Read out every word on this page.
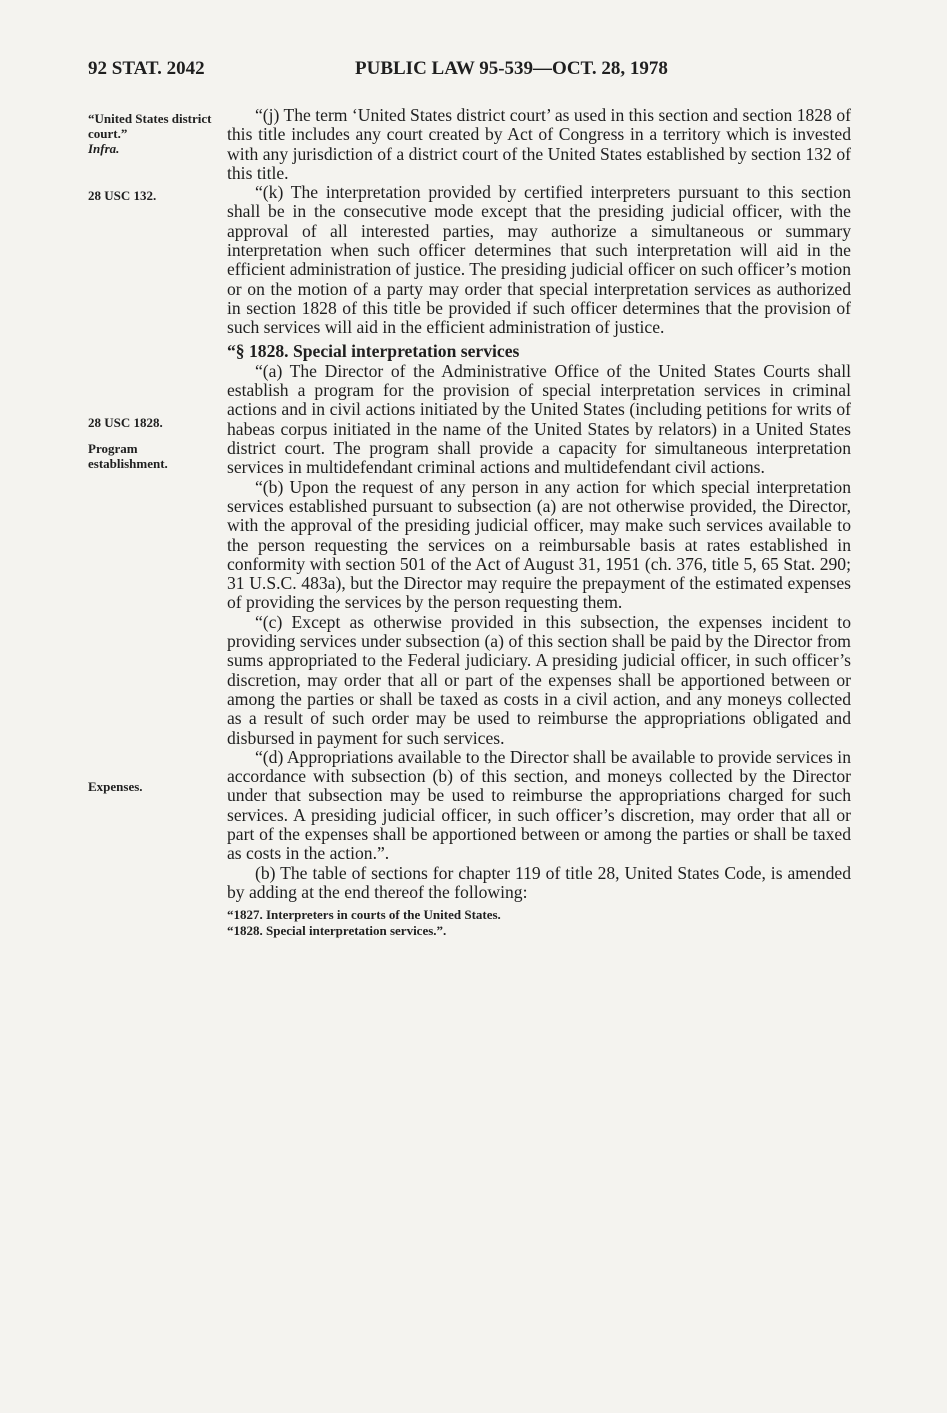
92 STAT. 2042	PUBLIC LAW 95-539—OCT. 28, 1978
“United States district court.”
Infra.
28 USC 132.
28 USC 1828.
Program establishment.
Expenses.

“(j) The term ‘United States district court’ as used in this section and section 1828 of this title includes any court created by Act of Congress in a territory which is invested with any jurisdiction of a district court of the United States established by section 132 of this title.

“(k) The interpretation provided by certified interpreters pursuant to this section shall be in the consecutive mode except that the presiding judicial officer, with the approval of all interested parties, may authorize a simultaneous or summary interpretation when such officer determines that such interpretation will aid in the efficient administration of justice. The presiding judicial officer on such officer’s motion or on the motion of a party may order that special interpretation services as authorized in section 1828 of this title be provided if such officer determines that the provision of such services will aid in the efficient administration of justice.

“§ 1828. Special interpretation services

“(a) The Director of the Administrative Office of the United States Courts shall establish a program for the provision of special interpretation services in criminal actions and in civil actions initiated by the United States (including petitions for writs of habeas corpus initiated in the name of the United States by relators) in a United States district court. The program shall provide a capacity for simultaneous interpretation services in multidefendant criminal actions and multidefendant civil actions.

“(b) Upon the request of any person in any action for which special interpretation services established pursuant to subsection (a) are not otherwise provided, the Director, with the approval of the presiding judicial officer, may make such services available to the person requesting the services on a reimbursable basis at rates established in conformity with section 501 of the Act of August 31, 1951 (ch. 376, title 5, 65 Stat. 290; 31 U.S.C. 483a), but the Director may require the prepayment of the estimated expenses of providing the services by the person requesting them.

“(c) Except as otherwise provided in this subsection, the expenses incident to providing services under subsection (a) of this section shall be paid by the Director from sums appropriated to the Federal judiciary. A presiding judicial officer, in such officer’s discretion, may order that all or part of the expenses shall be apportioned between or among the parties or shall be taxed as costs in a civil action, and any moneys collected as a result of such order may be used to reimburse the appropriations obligated and disbursed in payment for such services.

“(d) Appropriations available to the Director shall be available to provide services in accordance with subsection (b) of this section, and moneys collected by the Director under that subsection may be used to reimburse the appropriations charged for such services. A presiding judicial officer, in such officer’s discretion, may order that all or part of the expenses shall be apportioned between or among the parties or shall be taxed as costs in the action.”.

(b) The table of sections for chapter 119 of title 28, United States Code, is amended by adding at the end thereof the following:

“1827. Interpreters in courts of the United States.
“1828. Special interpretation services.”.
